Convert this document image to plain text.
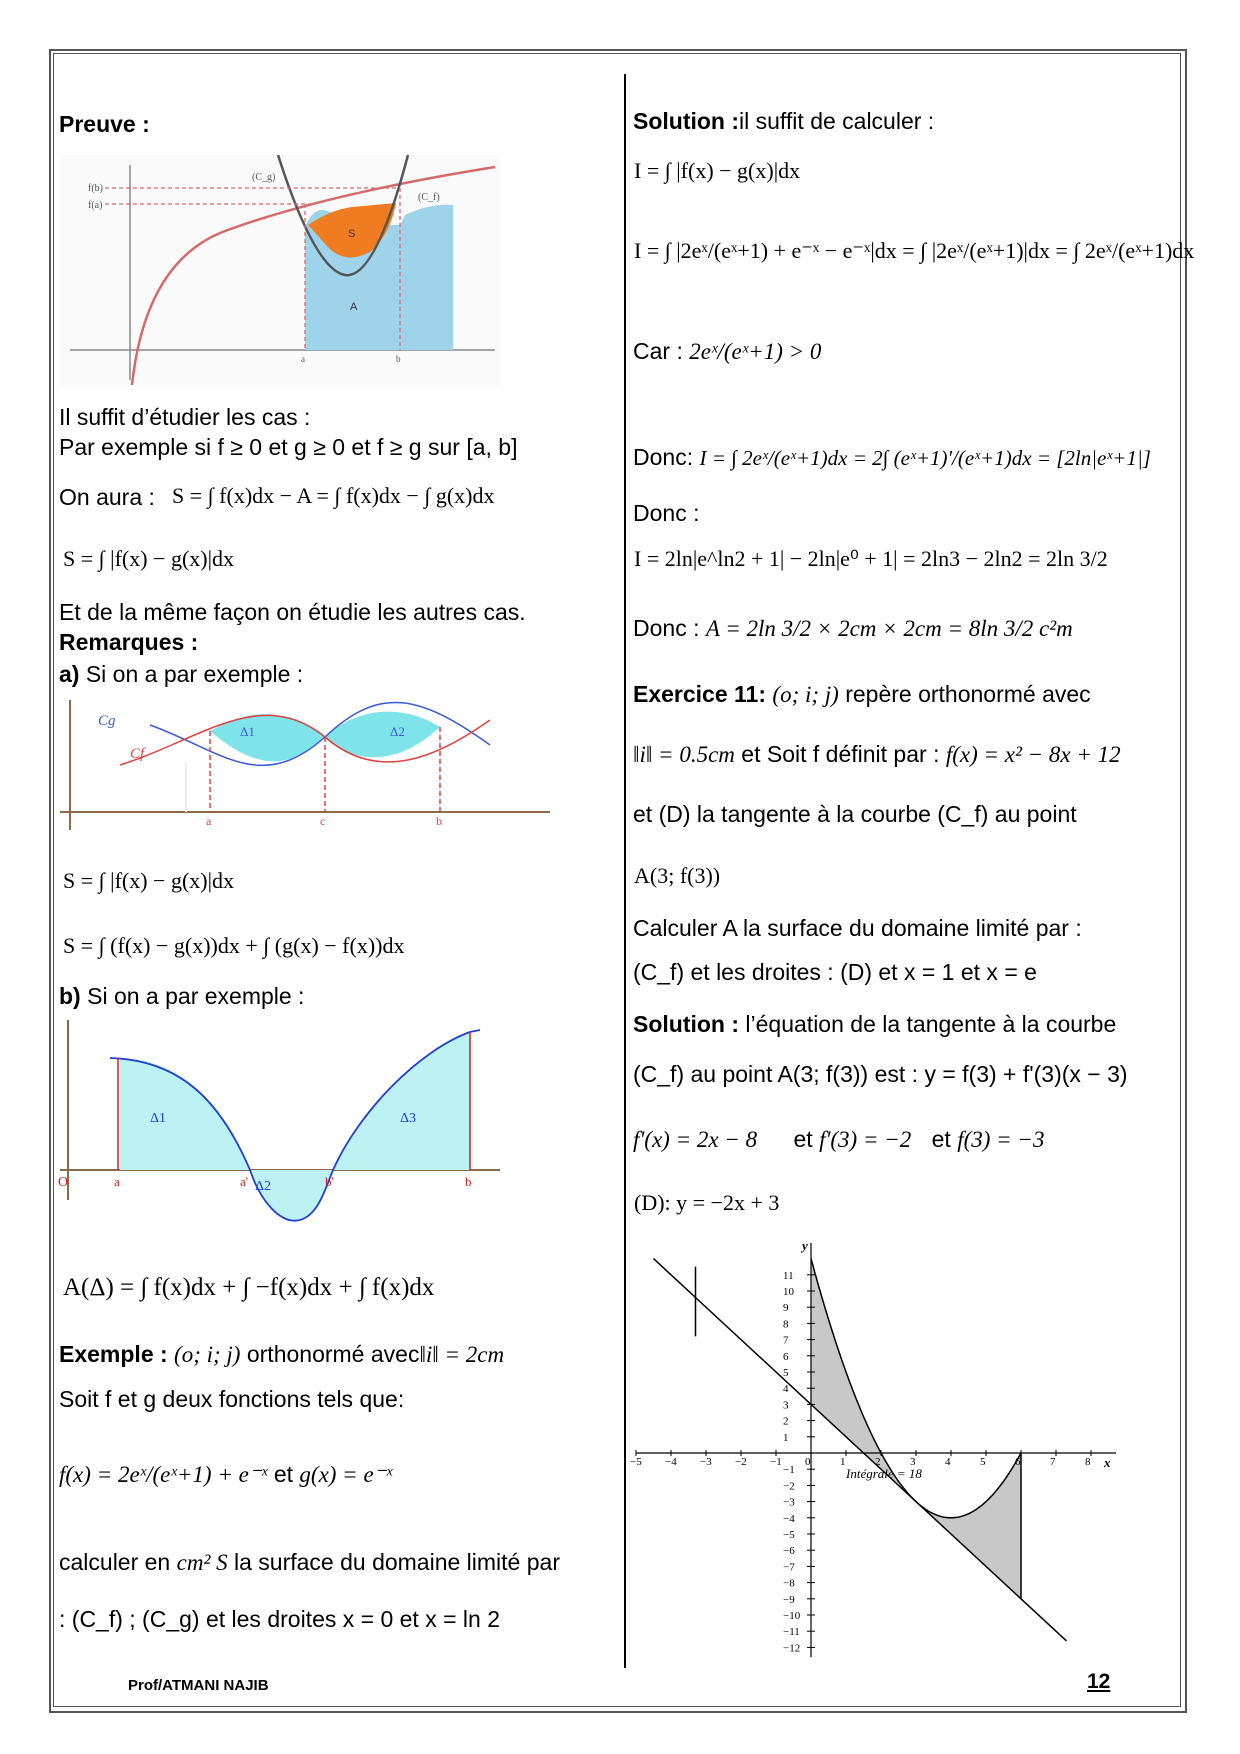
Preuve :
(C_g)
(C_f)
f(b)
f(a)
S
A
a	b
Il suffit d’étudier les cas :
Par exemple si f ≥ 0 et g ≥ 0 et f ≥ g sur [a, b]
On aura : S = ∫ f(x)dx − A = ∫ f(x)dx − ∫ g(x)dx
S = ∫ |f(x) − g(x)|dx
Et de la même façon on étudie les autres cas.
Remarques :
a) Si on a par exemple :
Cg
Cf
Δ1	Δ2
a	c	b
S = ∫ |f(x) − g(x)|dx
S = ∫ (f(x) − g(x))dx + ∫ (g(x) − f(x))dx
b) Si on a par exemple :
O	a	a'	b'	b
Δ1
Δ2
Δ3
A(Δ) = ∫ f(x)dx + ∫ −f(x)dx + ∫ f(x)dx
Exemple : (o; i; j) orthonormé avec‖i‖ = 2cm
Soit f et g deux fonctions tels que:
f(x) = 2eˣ/(eˣ+1) + e⁻ˣ et g(x) = e⁻ˣ
calculer en cm² S la surface du domaine limité par
: (C_f) ; (C_g) et les droites x = 0 et x = ln 2
Solution :il suffit de calculer :
I = ∫ |f(x) − g(x)|dx
I = ∫ |2eˣ/(eˣ+1) + e⁻ˣ − e⁻ˣ|dx = ∫ |2eˣ/(eˣ+1)|dx = ∫ 2eˣ/(eˣ+1)dx
Car : 2eˣ/(eˣ+1) > 0
Donc: I = ∫ 2eˣ/(eˣ+1)dx = 2∫ (eˣ+1)'/(eˣ+1)dx = [2ln|eˣ+1|]
Donc :
I = 2ln|e^ln2 + 1| − 2ln|e⁰ + 1| = 2ln3 − 2ln2 = 2ln 3/2
Donc : A = 2ln 3/2 × 2cm × 2cm = 8ln 3/2 c²m
Exercice 11: (o; i; j) repère orthonormé avec
‖i‖ = 0.5cm et Soit f définit par : f(x) = x² − 8x + 12
et (D) la tangente à la courbe (C_f) au point
A(3; f(3))
Calculer A la surface du domaine limité par :
(C_f) et les droites : (D) et x = 1 et x = e
Solution : l’équation de la tangente à la courbe
(C_f) au point A(3; f(3)) est : y = f(3) + f'(3)(x − 3)
f'(x) = 2x − 8 et f'(3) = −2 et f(3) = −3
(D): y = −2x + 3
−5 −4 −3 −2 −1 0	1	2	3	4	5	6	7	8
11
10
9
8
7
6
5
4
3
2
1
−1
−2
−3
−4
−5
−6
−7
−8
−9
−10
−11
−12
y
x
Intégrale = 18
Prof/ATMANI NAJIB	12
